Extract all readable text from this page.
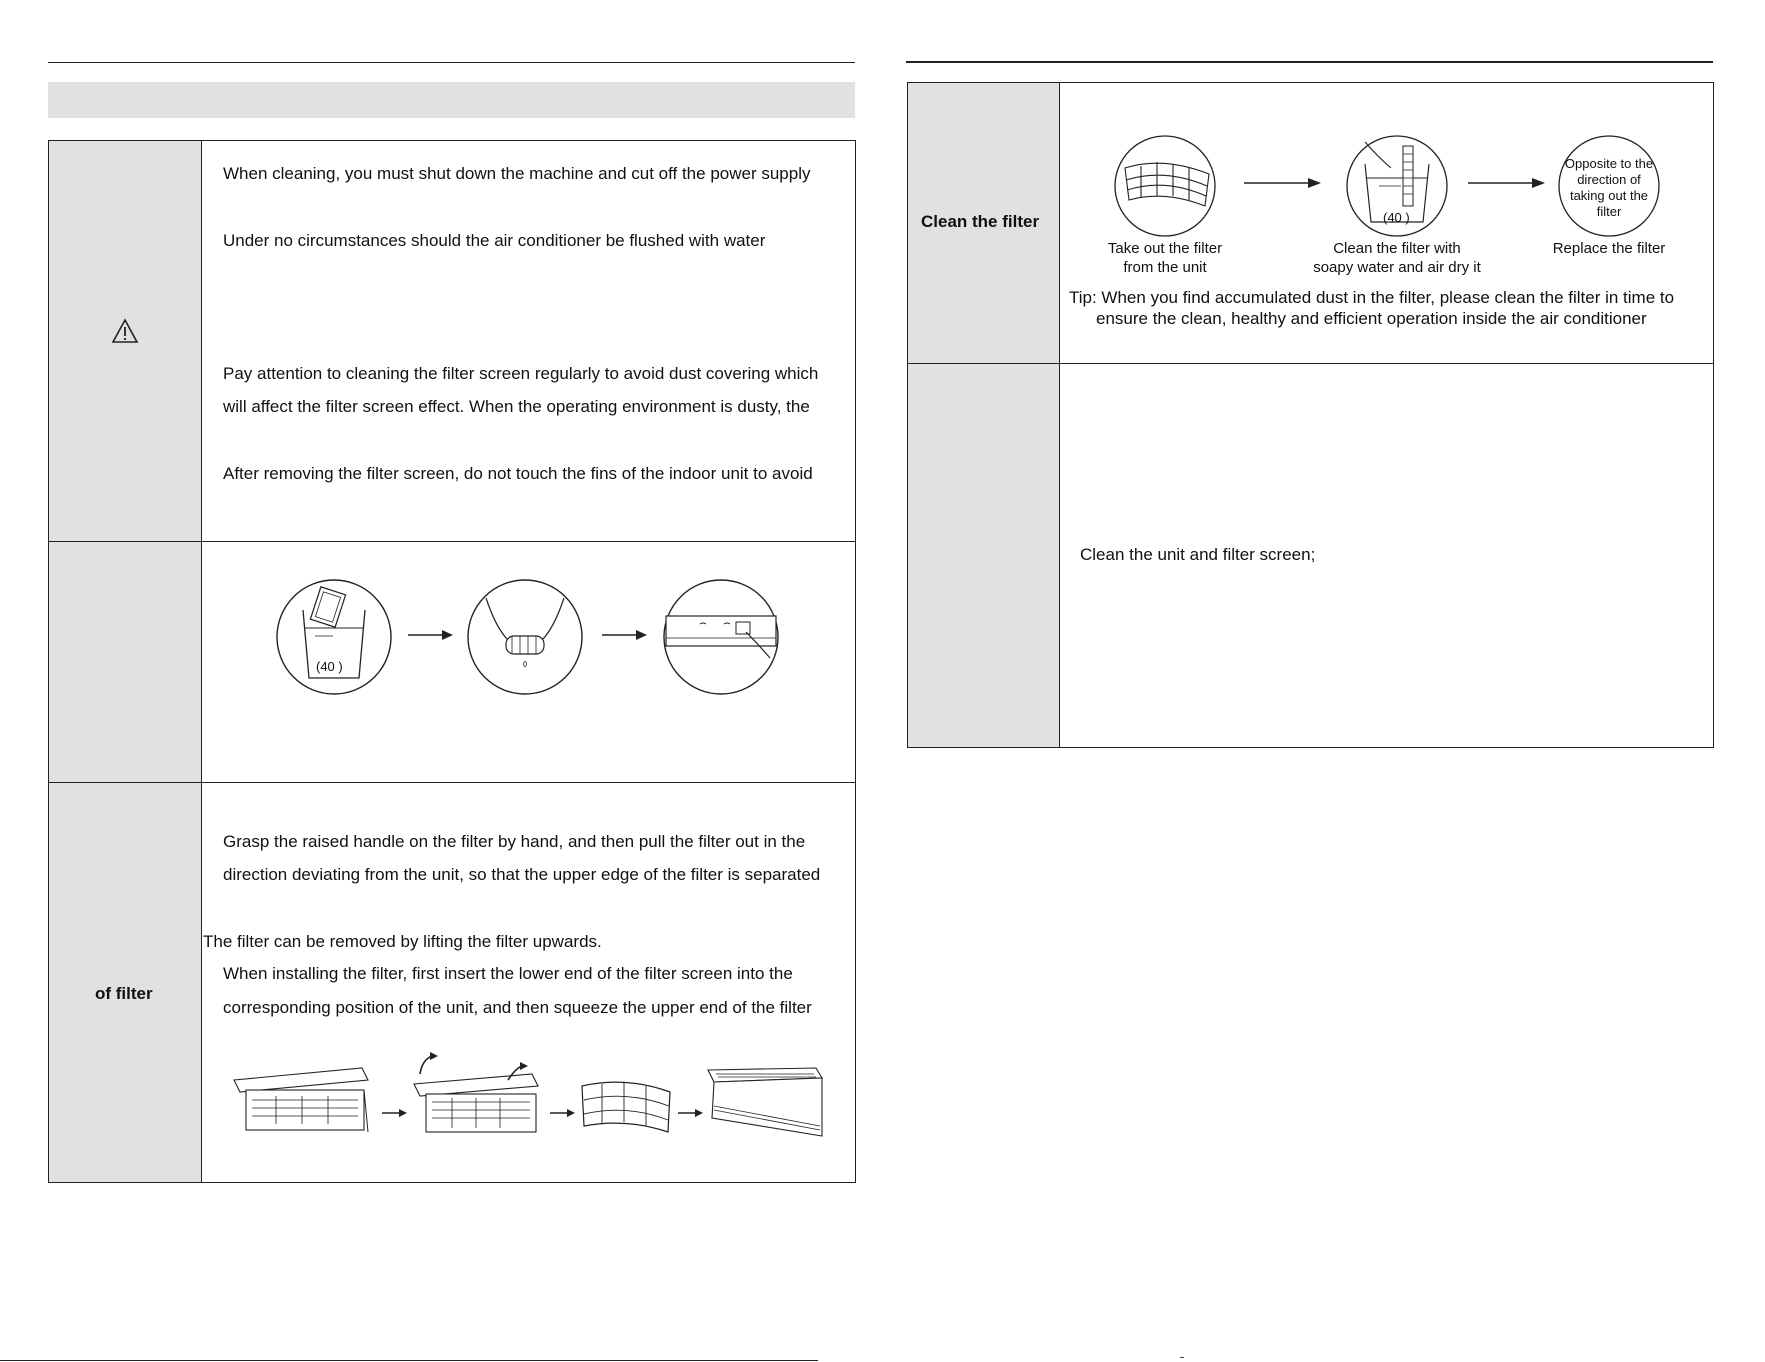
When cleaning, you must shut down the machine and cut off the power supply
Under no circumstances should the air conditioner be flushed with water
Pay attention to cleaning the filter screen regularly to avoid dust covering which
will affect the filter screen effect. When the operating environment is dusty, the
After removing the filter screen, do not touch the fins of the indoor unit to avoid
(40 )
of filter
Grasp the raised handle on the filter by hand, and then pull the filter out in the
direction deviating from the unit, so that the upper edge of the filter is separated
The filter can be removed by lifting the filter upwards.
When installing the filter, first insert the lower end of the filter screen into the
corresponding position of the unit, and then squeeze the upper end of the filter
Clean the filter	(40 )
Opposite to the direction of taking out the filter
Take out the filter
from the unit
Clean the filter with
soapy water and air dry it
Replace the filter
Tip: When you find accumulated dust in the filter, please clean the filter in time to
ensure the clean, healthy and efficient operation inside the air conditioner
Clean the unit and filter screen;
